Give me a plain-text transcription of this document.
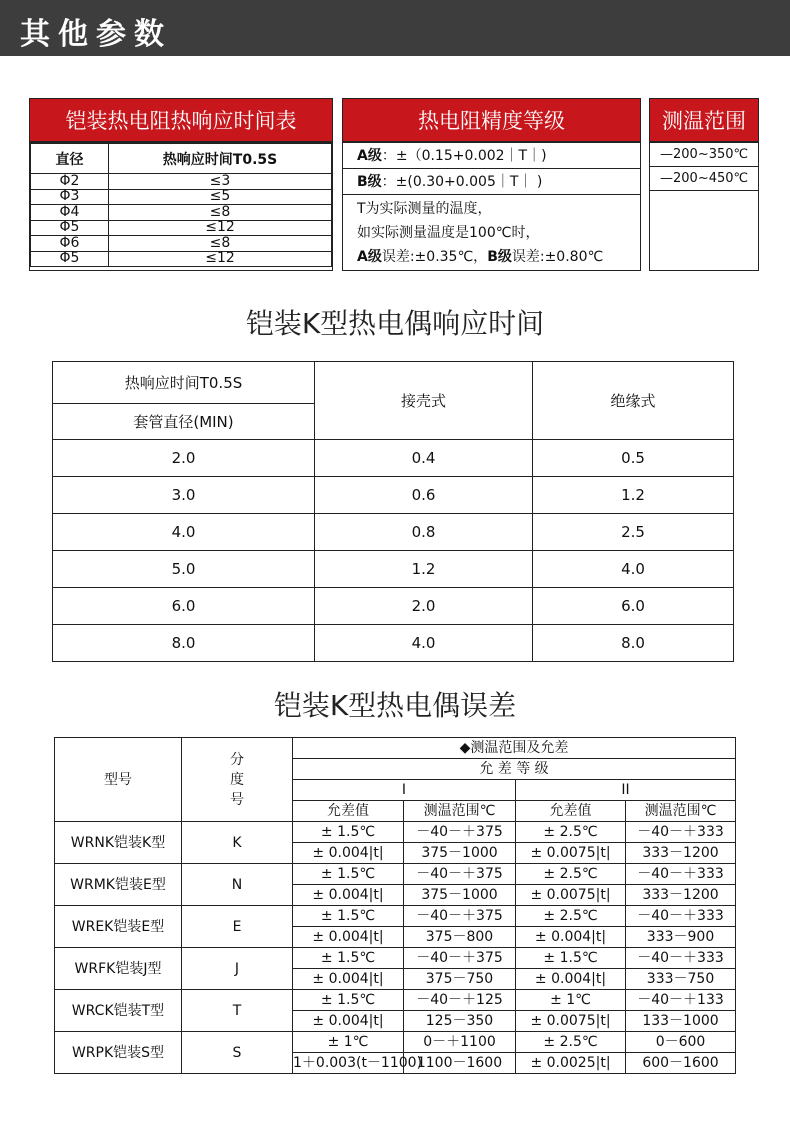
其他参数
铠装热电阻热响应时间表
直径	热响应时间T0.5S
Φ2	≤3
Φ3	≤5
Φ4	≤8
Φ5	≤12
Φ6	≤8
Φ5	≤12
热电阻精度等级
A级：±（0.15+0.002｜T｜)
B级：±(0.30+0.005｜T｜ )
T为实际测量的温度，
如实际测量温度是100℃时，
A级误差:±0.35℃，B级误差:±0.80℃
测温范围
—200~350℃
—200~450℃
铠装K型热电偶响应时间
热响应时间T0.5S	接壳式	绝缘式
套管直径(MIN)		
2.0	0.4	0.5
3.0	0.6	1.2
4.0	0.8	2.5
5.0	1.2	4.0
6.0	2.0	6.0
8.0	4.0	8.0
铠装K型热电偶误差
型号	分
度
号	◆测温范围及允差			
		允 差 等 级			
		I		II	
		允差值	测温范围℃	允差值	测温范围℃
WRNK铠装K型	K	± 1.5℃	－40－＋375	± 2.5℃	－40－＋333
		± 0.004|t|	375－1000	± 0.0075|t|	333－1200
WRMK铠装E型	N	± 1.5℃	－40－＋375	± 2.5℃	－40－＋333
		± 0.004|t|	375－1000	± 0.0075|t|	333－1200
WREK铠装E型	E	± 1.5℃	－40－＋375	± 2.5℃	－40－＋333
		± 0.004|t|	375－800	± 0.004|t|	333－900
WRFK铠装J型	J	± 1.5℃	－40－＋375	± 1.5℃	－40－＋333
		± 0.004|t|	375－750	± 0.004|t|	333－750
WRCK铠装T型	T	± 1.5℃	－40－＋125	± 1℃	－40－＋133
		± 0.004|t|	125－350	± 0.0075|t|	133－1000
WRPK铠装S型	S	± 1℃	0－＋1100	± 2.5℃	0－600
		1＋0.003(t－1100)	1100－1600	± 0.0025|t|	600－1600
